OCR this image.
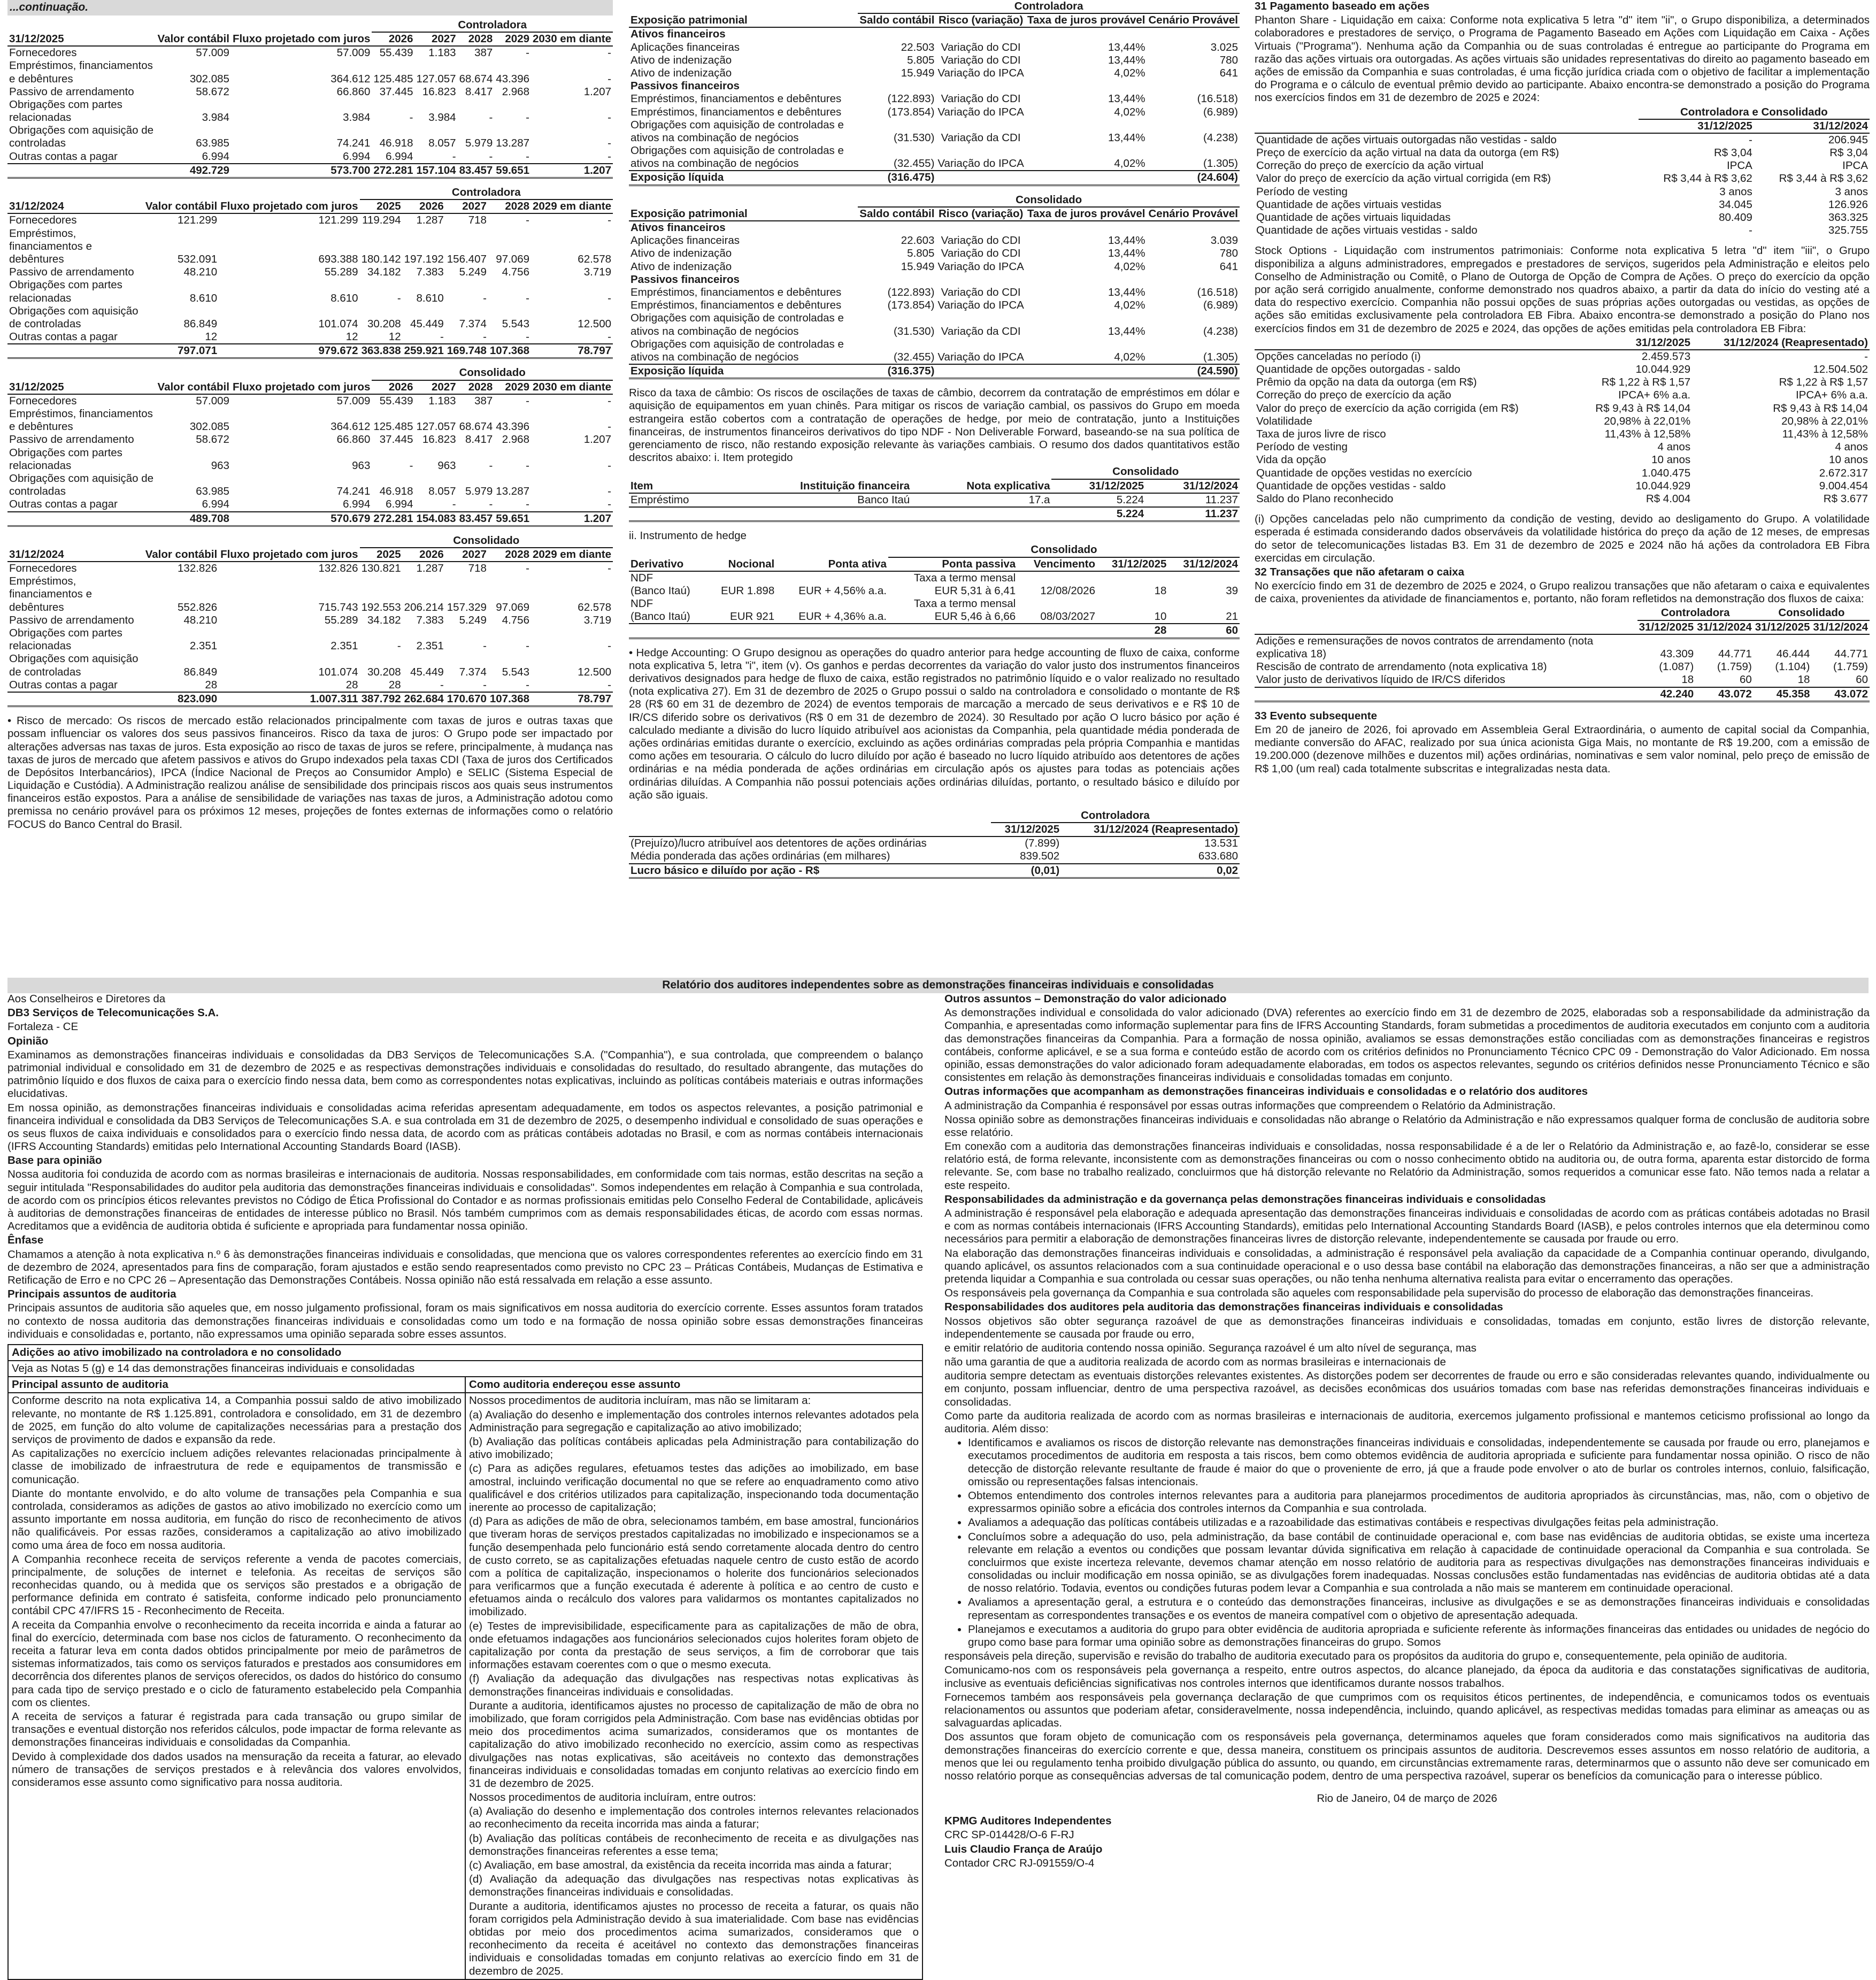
...continuação.
			Controladora				
31/12/2025	Valor contábil	Fluxo projetado com juros	2026	2027	2028	2029	2030 em diante
Fornecedores	57.009	57.009	55.439	1.183	387	-	-
Empréstimos, financiamentos e debêntures	302.085	364.612	125.485	127.057	68.674	43.396	-
Passivo de arrendamento	58.672	66.860	37.445	16.823	8.417	2.968	1.207
Obrigações com partes relacionadas	3.984	3.984	-	3.984	-	-	-
Obrigações com aquisição de controladas	63.985	74.241	46.918	8.057	5.979	13.287	-
Outras contas a pagar	6.994	6.994	6.994	-	-	-	-
	492.729	573.700	272.281	157.104	83.457	59.651	1.207
			Controladora				
31/12/2024	Valor contábil	Fluxo projetado com juros	2025	2026	2027	2028	2029 em diante
Fornecedores	121.299	121.299	119.294	1.287	718	-	-
Empréstimos, financiamentos e debêntures	532.091	693.388	180.142	197.192	156.407	97.069	62.578
Passivo de arrendamento	48.210	55.289	34.182	7.383	5.249	4.756	3.719
Obrigações com partes relacionadas	8.610	8.610	-	8.610	-	-	-
Obrigações com aquisição de controladas	86.849	101.074	30.208	45.449	7.374	5.543	12.500
Outras contas a pagar	12	12	12	-	-	-	-
	797.071	979.672	363.838	259.921	169.748	107.368	78.797
			Consolidado				
31/12/2025	Valor contábil	Fluxo projetado com juros	2026	2027	2028	2029	2030 em diante
Fornecedores	57.009	57.009	55.439	1.183	387	-	-
Empréstimos, financiamentos e debêntures	302.085	364.612	125.485	127.057	68.674	43.396	-
Passivo de arrendamento	58.672	66.860	37.445	16.823	8.417	2.968	1.207
Obrigações com partes relacionadas	963	963	-	963	-	-	-
Obrigações com aquisição de controladas	63.985	74.241	46.918	8.057	5.979	13.287	-
Outras contas a pagar	6.994	6.994	6.994	-	-	-	-
	489.708	570.679	272.281	154.083	83.457	59.651	1.207
			Consolidado				
31/12/2024	Valor contábil	Fluxo projetado com juros	2025	2026	2027	2028	2029 em diante
Fornecedores	132.826	132.826	130.821	1.287	718	-	-
Empréstimos, financiamentos e debêntures	552.826	715.743	192.553	206.214	157.329	97.069	62.578
Passivo de arrendamento	48.210	55.289	34.182	7.383	5.249	4.756	3.719
Obrigações com partes relacionadas	2.351	2.351	-	2.351	-	-	-
Obrigações com aquisição de controladas	86.849	101.074	30.208	45.449	7.374	5.543	12.500
Outras contas a pagar	28	28	28	-	-	-	-
	823.090	1.007.311	387.792	262.684	170.670	107.368	78.797

• Risco de mercado: Os riscos de mercado estão relacionados principalmente com taxas de juros e outras taxas que possam influenciar os valores dos seus passivos financeiros. Risco da taxa de juros: O Grupo pode ser impactado por alterações adversas nas taxas de juros. Esta exposição ao risco de taxas de juros se refere, principalmente, à mudança nas taxas de juros de mercado que afetem passivos e ativos do Grupo indexados pela taxas CDI (Taxa de juros dos Certificados de Depósitos Interbancários), IPCA (Índice Nacional de Preços ao Consumidor Amplo) e SELIC (Sistema Especial de Liquidação e Custódia). A Administração realizou análise de sensibilidade dos principais riscos aos quais seus instrumentos financeiros estão expostos. Para a análise de sensibilidade de variações nas taxas de juros, a Administração adotou como premissa no cenário provável para os próximos 12 meses, projeções de fontes externas de informações como o relatório FOCUS do Banco Central do Brasil.

	Controladora			
Exposição patrimonial	Saldo contábil	Risco (variação)	Taxa de juros provável	Cenário Provável
Ativos financeiros				
Aplicações financeiras	22.503	Variação do CDI	13,44%	3.025
Ativo de indenização	5.805	Variação do CDI	13,44%	780
Ativo de indenização	15.949	Variação do IPCA	4,02%	641
Passivos financeiros				
Empréstimos, financiamentos e debêntures	(122.893)	Variação do CDI	13,44%	(16.518)
Empréstimos, financiamentos e debêntures	(173.854)	Variação do IPCA	4,02%	(6.989)
Obrigações com aquisição de controladas e ativos na combinação de negócios	(31.530)	Variação da CDI	13,44%	(4.238)
Obrigações com aquisição de controladas e ativos na combinação de negócios	(32.455)	Variação do IPCA	4,02%	(1.305)
Exposição líquida	(316.475)			(24.604)
	Consolidado			
Exposição patrimonial	Saldo contábil	Risco (variação)	Taxa de juros provável	Cenário Provável
Ativos financeiros				
Aplicações financeiras	22.603	Variação do CDI	13,44%	3.039
Ativo de indenização	5.805	Variação do CDI	13,44%	780
Ativo de indenização	15.949	Variação do IPCA	4,02%	641
Passivos financeiros				
Empréstimos, financiamentos e debêntures	(122.893)	Variação do CDI	13,44%	(16.518)
Empréstimos, financiamentos e debêntures	(173.854)	Variação do IPCA	4,02%	(6.989)
Obrigações com aquisição de controladas e ativos na combinação de negócios	(31.530)	Variação da CDI	13,44%	(4.238)
Obrigações com aquisição de controladas e ativos na combinação de negócios	(32.455)	Variação do IPCA	4,02%	(1.305)
Exposição líquida	(316.375)			(24.590)

Risco da taxa de câmbio: Os riscos de oscilações de taxas de câmbio, decorrem da contratação de empréstimos em dólar e aquisição de equipamentos em yuan chinês. Para mitigar os riscos de variação cambial, os passivos do Grupo em moeda estrangeira estão cobertos com a contratação de operações de hedge, por meio de contratação, junto a Instituições financeiras, de instrumentos financeiros derivativos do tipo NDF - Non Deliverable Forward, baseando-se na sua política de gerenciamento de risco, não restando exposição relevante às variações cambiais. O resumo dos dados quantitativos estão descritos abaixo: i. Item protegido

			Consolidado	
Item	Instituição financeira	Nota explicativa	31/12/2025	31/12/2024
Empréstimo	Banco Itaú	17.a	5.224	11.237
			5.224	11.237

ii. Instrumento de hedge

			Consolidado			
Derivativo	Nocional	Ponta ativa	Ponta passiva	Vencimento	31/12/2025	31/12/2024
NDF			Taxa a termo mensal			
(Banco Itaú)	EUR 1.898	EUR + 4,56% a.a.	EUR 5,31 à 6,41	12/08/2026	18	39
NDF			Taxa a termo mensal			
(Banco Itaú)	EUR 921	EUR + 4,36% a.a.	EUR 5,46 à 6,66	08/03/2027	10	21
					28	60

• Hedge Accounting: O Grupo designou as operações do quadro anterior para hedge accounting de fluxo de caixa, conforme nota explicativa 5, letra "i", item (v). Os ganhos e perdas decorrentes da variação do valor justo dos instrumentos financeiros derivativos designados para hedge de fluxo de caixa, estão registrados no patrimônio líquido e o valor realizado no resultado (nota explicativa 27). Em 31 de dezembro de 2025 o Grupo possui o saldo na controladora e consolidado o montante de R$ 28 (R$ 60 em 31 de dezembro de 2024) de eventos temporais de marcação a mercado de seus derivativos e e R$ 10 de IR/CS diferido sobre os derivativos (R$ 0 em 31 de dezembro de 2024). 30 Resultado por ação O lucro básico por ação é calculado mediante a divisão do lucro líquido atribuível aos acionistas da Companhia, pela quantidade média ponderada de ações ordinárias emitidas durante o exercício, excluindo as ações ordinárias compradas pela própria Companhia e mantidas como ações em tesouraria. O cálculo do lucro diluído por ação é baseado no lucro líquido atribuído aos detentores de ações ordinárias e na média ponderada de ações ordinárias em circulação após os ajustes para todas as potenciais ações ordinárias diluídas. A Companhia não possui potenciais ações ordinárias diluídas, portanto, o resultado básico e diluído por ação são iguais.

	Controladora	
	31/12/2025	31/12/2024 (Reapresentado)
(Prejuízo)/lucro atribuível aos detentores de ações ordinárias	(7.899)	13.531
Média ponderada das ações ordinárias (em milhares)	839.502	633.680
Lucro básico e diluído por ação - R$	(0,01)	0,02

31 Pagamento baseado em ações

Phanton Share - Liquidação em caixa: Conforme nota explicativa 5 letra "d" item "ii", o Grupo disponibiliza, a determinados colaboradores e prestadores de serviço, o Programa de Pagamento Baseado em Ações com Liquidação em Caixa - Ações Virtuais ("Programa"). Nenhuma ação da Companhia ou de suas controladas é entregue ao participante do Programa em razão das ações virtuais ora outorgadas. As ações virtuais são unidades representativas do direito ao pagamento baseado em ações de emissão da Companhia e suas controladas, é uma ficção jurídica criada com o objetivo de facilitar a implementação do Programa e o cálculo de eventual prêmio devido ao participante. Abaixo encontra-se demonstrado a posição do Programa nos exercícios findos em 31 de dezembro de 2025 e 2024:

	Controladora e Consolidado	
	31/12/2025	31/12/2024
Quantidade de ações virtuais outorgadas não vestidas - saldo	-	206.945
Preço de exercício da ação virtual na data da outorga (em R$)	R$ 3,04	R$ 3,04
Correção do preço de exercício da ação virtual	IPCA	IPCA
Valor do preço de exercício da ação virtual corrigida (em R$)	R$ 3,44 à R$ 3,62	R$ 3,44 à R$ 3,62
Período de vesting	3 anos	3 anos
Quantidade de ações virtuais vestidas	34.045	126.926
Quantidade de ações virtuais liquidadas	80.409	363.325
Quantidade de ações virtuais vestidas - saldo	-	325.755

Stock Options - Liquidação com instrumentos patrimoniais: Conforme nota explicativa 5 letra "d" item "iii", o Grupo disponibiliza a alguns administradores, empregados e prestadores de serviços, sugeridos pela Administração e eleitos pelo Conselho de Administração ou Comitê, o Plano de Outorga de Opção de Compra de Ações. O preço do exercício da opção por ação será corrigido anualmente, conforme demonstrado nos quadros abaixo, a partir da data do início do vesting até a data do respectivo exercício. Companhia não possui opções de suas próprias ações outorgadas ou vestidas, as opções de ações são emitidas exclusivamente pela controladora EB Fibra. Abaixo encontra-se demonstrado a posição do Plano nos exercícios findos em 31 de dezembro de 2025 e 2024, das opções de ações emitidas pela controladora EB Fibra:

	31/12/2025	31/12/2024 (Reapresentado)
Opções canceladas no período (i)	2.459.573	-
Quantidade de opções outorgadas - saldo	10.044.929	12.504.502
Prêmio da opção na data da outorga (em R$)	R$ 1,22 à R$ 1,57	R$ 1,22 à R$ 1,57
Correção do preço de exercício da ação	IPCA+ 6% a.a.	IPCA+ 6% a.a.
Valor do preço de exercício da ação corrigida (em R$)	R$ 9,43 à R$ 14,04	R$ 9,43 à R$ 14,04
Volatilidade	20,98% à 22,01%	20,98% à 22,01%
Taxa de juros livre de risco	11,43% à 12,58%	11,43% à 12,58%
Período de vesting	4 anos	4 anos
Vida da opção	10 anos	10 anos
Quantidade de opções vestidas no exercício	1.040.475	2.672.317
Quantidade de opções vestidas - saldo	10.044.929	9.004.454
Saldo do Plano reconhecido	R$ 4.004	R$ 3.677

(i) Opções canceladas pelo não cumprimento da condição de vesting, devido ao desligamento do Grupo. A volatilidade esperada é estimada considerando dados observáveis da volatilidade histórica do preço da ação de 12 meses, de empresas do setor de telecomunicações listadas B3. Em 31 de dezembro de 2025 e 2024 não há ações da controladora EB Fibra exercidas em circulação.

32 Transações que não afetaram o caixa

No exercício findo em 31 de dezembro de 2025 e 2024, o Grupo realizou transações que não afetaram o caixa e equivalentes de caixa, provenientes da atividade de financiamentos e, portanto, não foram refletidos na demonstração dos fluxos de caixa:

	Controladora		Consolidado	
	31/12/2025	31/12/2024	31/12/2025	31/12/2024
Adições e remensurações de novos contratos de arrendamento (nota explicativa 18)	43.309	44.771	46.444	44.771
Rescisão de contrato de arrendamento (nota explicativa 18)	(1.087)	(1.759)	(1.104)	(1.759)
Valor justo de derivativos líquido de IR/CS diferidos	18	60	18	60
	42.240	43.072	45.358	43.072

33 Evento subsequente

Em 20 de janeiro de 2026, foi aprovado em Assembleia Geral Extraordinária, o aumento de capital social da Companhia, mediante conversão do AFAC, realizado por sua única acionista Giga Mais, no montante de R$ 19.200, com a emissão de 19.200.000 (dezenove milhões e duzentos mil) ações ordinárias, nominativas e sem valor nominal, pelo preço de emissão de R$ 1,00 (um real) cada totalmente subscritas e integralizadas nesta data.

Relatório dos auditores independentes sobre as demonstrações financeiras individuais e consolidadas

Aos Conselheiros e Diretores da

DB3 Serviços de Telecomunicações S.A.

Fortaleza - CE

Opinião

Examinamos as demonstrações financeiras individuais e consolidadas da DB3 Serviços de Telecomunicações S.A. ("Companhia"), e sua controlada, que compreendem o balanço patrimonial individual e consolidado em 31 de dezembro de 2025 e as respectivas demonstrações individuais e consolidadas do resultado, do resultado abrangente, das mutações do patrimônio líquido e dos fluxos de caixa para o exercício findo nessa data, bem como as correspondentes notas explicativas, incluindo as políticas contábeis materiais e outras informações elucidativas.

Em nossa opinião, as demonstrações financeiras individuais e consolidadas acima referidas apresentam adequadamente, em todos os aspectos relevantes, a posição patrimonial e financeira individual e consolidada da DB3 Serviços de Telecomunicações S.A. e sua controlada em 31 de dezembro de 2025, o desempenho individual e consolidado de suas operações e os seus fluxos de caixa individuais e consolidados para o exercício findo nessa data, de acordo com as práticas contábeis adotadas no Brasil, e com as normas contábeis internacionais (IFRS Accounting Standards) emitidas pelo International Accounting Standards Board (IASB).

Base para opinião

Nossa auditoria foi conduzida de acordo com as normas brasileiras e internacionais de auditoria. Nossas responsabilidades, em conformidade com tais normas, estão descritas na seção a seguir intitulada "Responsabilidades do auditor pela auditoria das demonstrações financeiras individuais e consolidadas". Somos independentes em relação à Companhia e sua controlada, de acordo com os princípios éticos relevantes previstos no Código de Ética Profissional do Contador e as normas profissionais emitidas pelo Conselho Federal de Contabilidade, aplicáveis à auditorias de demonstrações financeiras de entidades de interesse público no Brasil. Nós também cumprimos com as demais responsabilidades éticas, de acordo com essas normas. Acreditamos que a evidência de auditoria obtida é suficiente e apropriada para fundamentar nossa opinião.

Ênfase

Chamamos a atenção à nota explicativa n.º 6 às demonstrações financeiras individuais e consolidadas, que menciona que os valores correspondentes referentes ao exercício findo em 31 de dezembro de 2024, apresentados para fins de comparação, foram ajustados e estão sendo reapresentados como previsto no CPC 23 – Práticas Contábeis, Mudanças de Estimativa e Retificação de Erro e no CPC 26 – Apresentação das Demonstrações Contábeis. Nossa opinião não está ressalvada em relação a esse assunto.

Principais assuntos de auditoria

Principais assuntos de auditoria são aqueles que, em nosso julgamento profissional, foram os mais significativos em nossa auditoria do exercício corrente. Esses assuntos foram tratados no contexto de nossa auditoria das demonstrações financeiras individuais e consolidadas como um todo e na formação de nossa opinião sobre essas demonstrações financeiras individuais e consolidadas e, portanto, não expressamos uma opinião separada sobre esses assuntos.

Adições ao ativo imobilizado na controladora e no consolidado
Veja as Notas 5 (g) e 14 das demonstrações financeiras individuais e consolidadas
Principal assunto de auditoria

Conforme descrito na nota explicativa 14, a Companhia possui saldo de ativo imobilizado relevante, no montante de R$ 1.125.891, controladora e consolidado, em 31 de dezembro de 2025, em função do alto volume de capitalizações necessárias para a prestação dos serviços de provimento de dados e expansão da rede.

As capitalizações no exercício incluem adições relevantes relacionadas principalmente à classe de imobilizado de infraestrutura de rede e equipamentos de transmissão e comunicação.

Diante do montante envolvido, e do alto volume de transações pela Companhia e sua controlada, consideramos as adições de gastos ao ativo imobilizado no exercício como um assunto importante em nossa auditoria, em função do risco de reconhecimento de ativos não qualificáveis. Por essas razões, consideramos a capitalização ao ativo imobilizado como uma área de foco em nossa auditoria.

A Companhia reconhece receita de serviços referente a venda de pacotes comerciais, principalmente, de soluções de internet e telefonia. As receitas de serviços são reconhecidas quando, ou à medida que os serviços são prestados e a obrigação de performance definida em contrato é satisfeita, conforme indicado pelo pronunciamento contábil CPC 47/IFRS 15 - Reconhecimento de Receita.

A receita da Companhia envolve o reconhecimento da receita incorrida e ainda a faturar ao final do exercício, determinada com base nos ciclos de faturamento. O reconhecimento da receita a faturar leva em conta dados obtidos principalmente por meio de parâmetros de sistemas informatizados, tais como os serviços faturados e prestados aos consumidores em decorrência dos diferentes planos de serviços oferecidos, os dados do histórico do consumo para cada tipo de serviço prestado e o ciclo de faturamento estabelecido pela Companhia com os clientes.

A receita de serviços a faturar é registrada para cada transação ou grupo similar de transações e eventual distorção nos referidos cálculos, pode impactar de forma relevante as demonstrações financeiras individuais e consolidadas da Companhia.

Devido à complexidade dos dados usados na mensuração da receita a faturar, ao elevado número de transações de serviços prestados e à relevância dos valores envolvidos, consideramos esse assunto como significativo para nossa auditoria.

Como auditoria endereçou esse assunto

Nossos procedimentos de auditoria incluíram, mas não se limitaram a:

(a) Avaliação do desenho e implementação dos controles internos relevantes adotados pela Administração para segregação e capitalização ao ativo imobilizado;

(b) Avaliação das políticas contábeis aplicadas pela Administração para contabilização do ativo imobilizado;

(c) Para as adições regulares, efetuamos testes das adições ao imobilizado, em base amostral, incluindo verificação documental no que se refere ao enquadramento como ativo qualificável e dos critérios utilizados para capitalização, inspecionando toda documentação inerente ao processo de capitalização;

(d) Para as adições de mão de obra, selecionamos também, em base amostral, funcionários que tiveram horas de serviços prestados capitalizadas no imobilizado e inspecionamos se a função desempenhada pelo funcionário está sendo corretamente alocada dentro do centro de custo correto, se as capitalizações efetuadas naquele centro de custo estão de acordo com a política de capitalização, inspecionamos o holerite dos funcionários selecionados para verificarmos que a função executada é aderente à política e ao centro de custo e efetuamos ainda o recálculo dos valores para validarmos os montantes capitalizados no imobilizado.

(e) Testes de imprevisibilidade, especificamente para as capitalizações de mão de obra, onde efetuamos indagações aos funcionários selecionados cujos holerites foram objeto de capitalização por conta da prestação de seus serviços, a fim de corroborar que tais informações estavam coerentes com o que o mesmo executa.

(f) Avaliação da adequação das divulgações nas respectivas notas explicativas às demonstrações financeiras individuais e consolidadas.

Durante a auditoria, identificamos ajustes no processo de capitalização de mão de obra no imobilizado, que foram corrigidos pela Administração. Com base nas evidências obtidas por meio dos procedimentos acima sumarizados, consideramos que os montantes de capitalização do ativo imobilizado reconhecido no exercício, assim como as respectivas divulgações nas notas explicativas, são aceitáveis no contexto das demonstrações financeiras individuais e consolidadas tomadas em conjunto relativas ao exercício findo em 31 de dezembro de 2025.

Nossos procedimentos de auditoria incluíram, entre outros:

(a) Avaliação do desenho e implementação dos controles internos relevantes relacionados ao reconhecimento da receita incorrida mas ainda a faturar;

(b) Avaliação das políticas contábeis de reconhecimento de receita e as divulgações nas demonstrações financeiras referentes a esse tema;

(c) Avaliação, em base amostral, da existência da receita incorrida mas ainda a faturar;

(d) Avaliação da adequação das divulgações nas respectivas notas explicativas às demonstrações financeiras individuais e consolidadas.

Durante a auditoria, identificamos ajustes no processo de receita a faturar, os quais não foram corrigidos pela Administração devido à sua imaterialidade. Com base nas evidências obtidas por meio dos procedimentos acima sumarizados, consideramos que o reconhecimento da receita é aceitável no contexto das demonstrações financeiras individuais e consolidadas tomadas em conjunto relativas ao exercício findo em 31 de dezembro de 2025.

Outros assuntos – Demonstração do valor adicionado

As demonstrações individual e consolidada do valor adicionado (DVA) referentes ao exercício findo em 31 de dezembro de 2025, elaboradas sob a responsabilidade da administração da Companhia, e apresentadas como informação suplementar para fins de IFRS Accounting Standards, foram submetidas a procedimentos de auditoria executados em conjunto com a auditoria das demonstrações financeiras da Companhia. Para a formação de nossa opinião, avaliamos se essas demonstrações estão conciliadas com as demonstrações financeiras e registros contábeis, conforme aplicável, e se a sua forma e conteúdo estão de acordo com os critérios definidos no Pronunciamento Técnico CPC 09 - Demonstração do Valor Adicionado. Em nossa opinião, essas demonstrações do valor adicionado foram adequadamente elaboradas, em todos os aspectos relevantes, segundo os critérios definidos nesse Pronunciamento Técnico e são consistentes em relação às demonstrações financeiras individuais e consolidadas tomadas em conjunto.

Outras informações que acompanham as demonstrações financeiras individuais e consolidadas e o relatório dos auditores

A administração da Companhia é responsável por essas outras informações que compreendem o Relatório da Administração.

Nossa opinião sobre as demonstrações financeiras individuais e consolidadas não abrange o Relatório da Administração e não expressamos qualquer forma de conclusão de auditoria sobre esse relatório.

Em conexão com a auditoria das demonstrações financeiras individuais e consolidadas, nossa responsabilidade é a de ler o Relatório da Administração e, ao fazê-lo, considerar se esse relatório está, de forma relevante, inconsistente com as demonstrações financeiras ou com o nosso conhecimento obtido na auditoria ou, de outra forma, aparenta estar distorcido de forma relevante. Se, com base no trabalho realizado, concluirmos que há distorção relevante no Relatório da Administração, somos requeridos a comunicar esse fato. Não temos nada a relatar a este respeito.

Responsabilidades da administração e da governança pelas demonstrações financeiras individuais e consolidadas

A administração é responsável pela elaboração e adequada apresentação das demonstrações financeiras individuais e consolidadas de acordo com as práticas contábeis adotadas no Brasil e com as normas contábeis internacionais (IFRS Accounting Standards), emitidas pelo International Accounting Standards Board (IASB), e pelos controles internos que ela determinou como necessários para permitir a elaboração de demonstrações financeiras livres de distorção relevante, independentemente se causada por fraude ou erro.

Na elaboração das demonstrações financeiras individuais e consolidadas, a administração é responsável pela avaliação da capacidade de a Companhia continuar operando, divulgando, quando aplicável, os assuntos relacionados com a sua continuidade operacional e o uso dessa base contábil na elaboração das demonstrações financeiras, a não ser que a administração pretenda liquidar a Companhia e sua controlada ou cessar suas operações, ou não tenha nenhuma alternativa realista para evitar o encerramento das operações.

Os responsáveis pela governança da Companhia e sua controlada são aqueles com responsabilidade pela supervisão do processo de elaboração das demonstrações financeiras.

Responsabilidades dos auditores pela auditoria das demonstrações financeiras individuais e consolidadas

Nossos objetivos são obter segurança razoável de que as demonstrações financeiras individuais e consolidadas, tomadas em conjunto, estão livres de distorção relevante, independentemente se causada por fraude ou erro,

e emitir relatório de auditoria contendo nossa opinião. Segurança razoável é um alto nível de segurança, mas

não uma garantia de que a auditoria realizada de acordo com as normas brasileiras e internacionais de

auditoria sempre detectam as eventuais distorções relevantes existentes. As distorções podem ser decorrentes de fraude ou erro e são consideradas relevantes quando, individualmente ou em conjunto, possam influenciar, dentro de uma perspectiva razoável, as decisões econômicas dos usuários tomadas com base nas referidas demonstrações financeiras individuais e consolidadas.

Como parte da auditoria realizada de acordo com as normas brasileiras e internacionais de auditoria, exercemos julgamento profissional e mantemos ceticismo profissional ao longo da auditoria. Além disso:

• Identificamos e avaliamos os riscos de distorção relevante nas demonstrações financeiras individuais e consolidadas, independentemente se causada por fraude ou erro, planejamos e executamos procedimentos de auditoria em resposta a tais riscos, bem como obtemos evidência de auditoria apropriada e suficiente para fundamentar nossa opinião. O risco de não detecção de distorção relevante resultante de fraude é maior do que o proveniente de erro, já que a fraude pode envolver o ato de burlar os controles internos, conluio, falsificação, omissão ou representações falsas intencionais.
• Obtemos entendimento dos controles internos relevantes para a auditoria para planejarmos procedimentos de auditoria apropriados às circunstâncias, mas, não, com o objetivo de expressarmos opinião sobre a eficácia dos controles internos da Companhia e sua controlada.
• Avaliamos a adequação das políticas contábeis utilizadas e a razoabilidade das estimativas contábeis e respectivas divulgações feitas pela administração.
• Concluímos sobre a adequação do uso, pela administração, da base contábil de continuidade operacional e, com base nas evidências de auditoria obtidas, se existe uma incerteza relevante em relação a eventos ou condições que possam levantar dúvida significativa em relação à capacidade de continuidade operacional da Companhia e sua controlada. Se concluirmos que existe incerteza relevante, devemos chamar atenção em nosso relatório de auditoria para as respectivas divulgações nas demonstrações financeiras individuais e consolidadas ou incluir modificação em nossa opinião, se as divulgações forem inadequadas. Nossas conclusões estão fundamentadas nas evidências de auditoria obtidas até a data de nosso relatório. Todavia, eventos ou condições futuras podem levar a Companhia e sua controlada a não mais se manterem em continuidade operacional.
• Avaliamos a apresentação geral, a estrutura e o conteúdo das demonstrações financeiras, inclusive as divulgações e se as demonstrações financeiras individuais e consolidadas representam as correspondentes transações e os eventos de maneira compatível com o objetivo de apresentação adequada.
• Planejamos e executamos a auditoria do grupo para obter evidência de auditoria apropriada e suficiente referente às informações financeiras das entidades ou unidades de negócio do grupo como base para formar uma opinião sobre as demonstrações financeiras do grupo. Somos

responsáveis pela direção, supervisão e revisão do trabalho de auditoria executado para os propósitos da auditoria do grupo e, consequentemente, pela opinião de auditoria.

Comunicamo-nos com os responsáveis pela governança a respeito, entre outros aspectos, do alcance planejado, da época da auditoria e das constatações significativas de auditoria, inclusive as eventuais deficiências significativas nos controles internos que identificamos durante nossos trabalhos.

Fornecemos também aos responsáveis pela governança declaração de que cumprimos com os requisitos éticos pertinentes, de independência, e comunicamos todos os eventuais relacionamentos ou assuntos que poderiam afetar, consideravelmente, nossa independência, incluindo, quando aplicável, as respectivas medidas tomadas para eliminar as ameaças ou as salvaguardas aplicadas.

Dos assuntos que foram objeto de comunicação com os responsáveis pela governança, determinamos aqueles que foram considerados como mais significativos na auditoria das demonstrações financeiras do exercício corrente e que, dessa maneira, constituem os principais assuntos de auditoria. Descrevemos esses assuntos em nosso relatório de auditoria, a menos que lei ou regulamento tenha proibido divulgação pública do assunto, ou quando, em circunstâncias extremamente raras, determinarmos que o assunto não deve ser comunicado em nosso relatório porque as consequências adversas de tal comunicação podem, dentro de uma perspectiva razoável, superar os benefícios da comunicação para o interesse público.

Rio de Janeiro, 04 de março de 2026

KPMG Auditores Independentes

CRC SP-014428/O-6 F-RJ

Luis Claudio França de Araújo

Contador CRC RJ-091559/O-4
